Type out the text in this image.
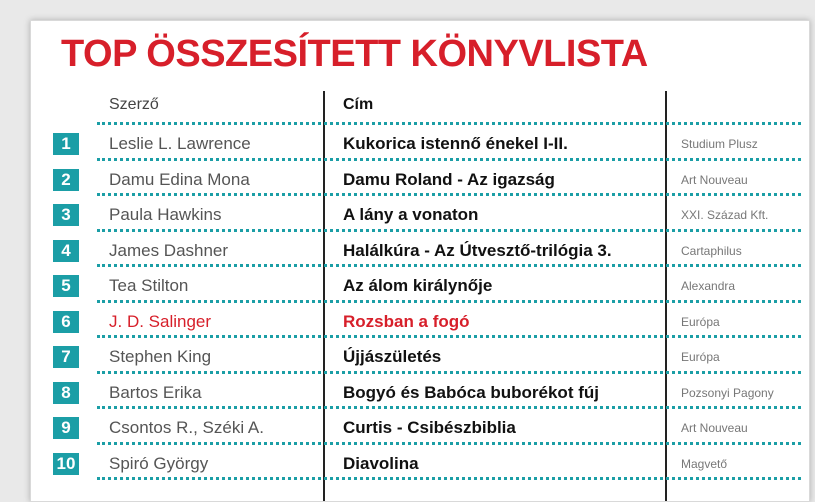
TOP ÖSSZESÍTETT KÖNYVLISTA
Szerző	Cím
1	Leslie L. Lawrence	Kukorica istennő énekel I-II.	Studium Plusz
2	Damu Edina Mona	Damu Roland - Az igazság	Art Nouveau
3	Paula Hawkins	A lány a vonaton	XXI. Század Kft.
4	James Dashner	Halálkúra - Az Útvesztő-trilógia 3.	Cartaphilus
5	Tea Stilton	Az álom királynője	Alexandra
6	J. D. Salinger	Rozsban a fogó	Európa
7	Stephen King	Újjászületés	Európa
8	Bartos Erika	Bogyó és Babóca buborékot fúj	Pozsonyi Pagony
9	Csontos R., Széki A.	Curtis - Csibészbiblia	Art Nouveau
10 Spiró György	Diavolina	Magvető
